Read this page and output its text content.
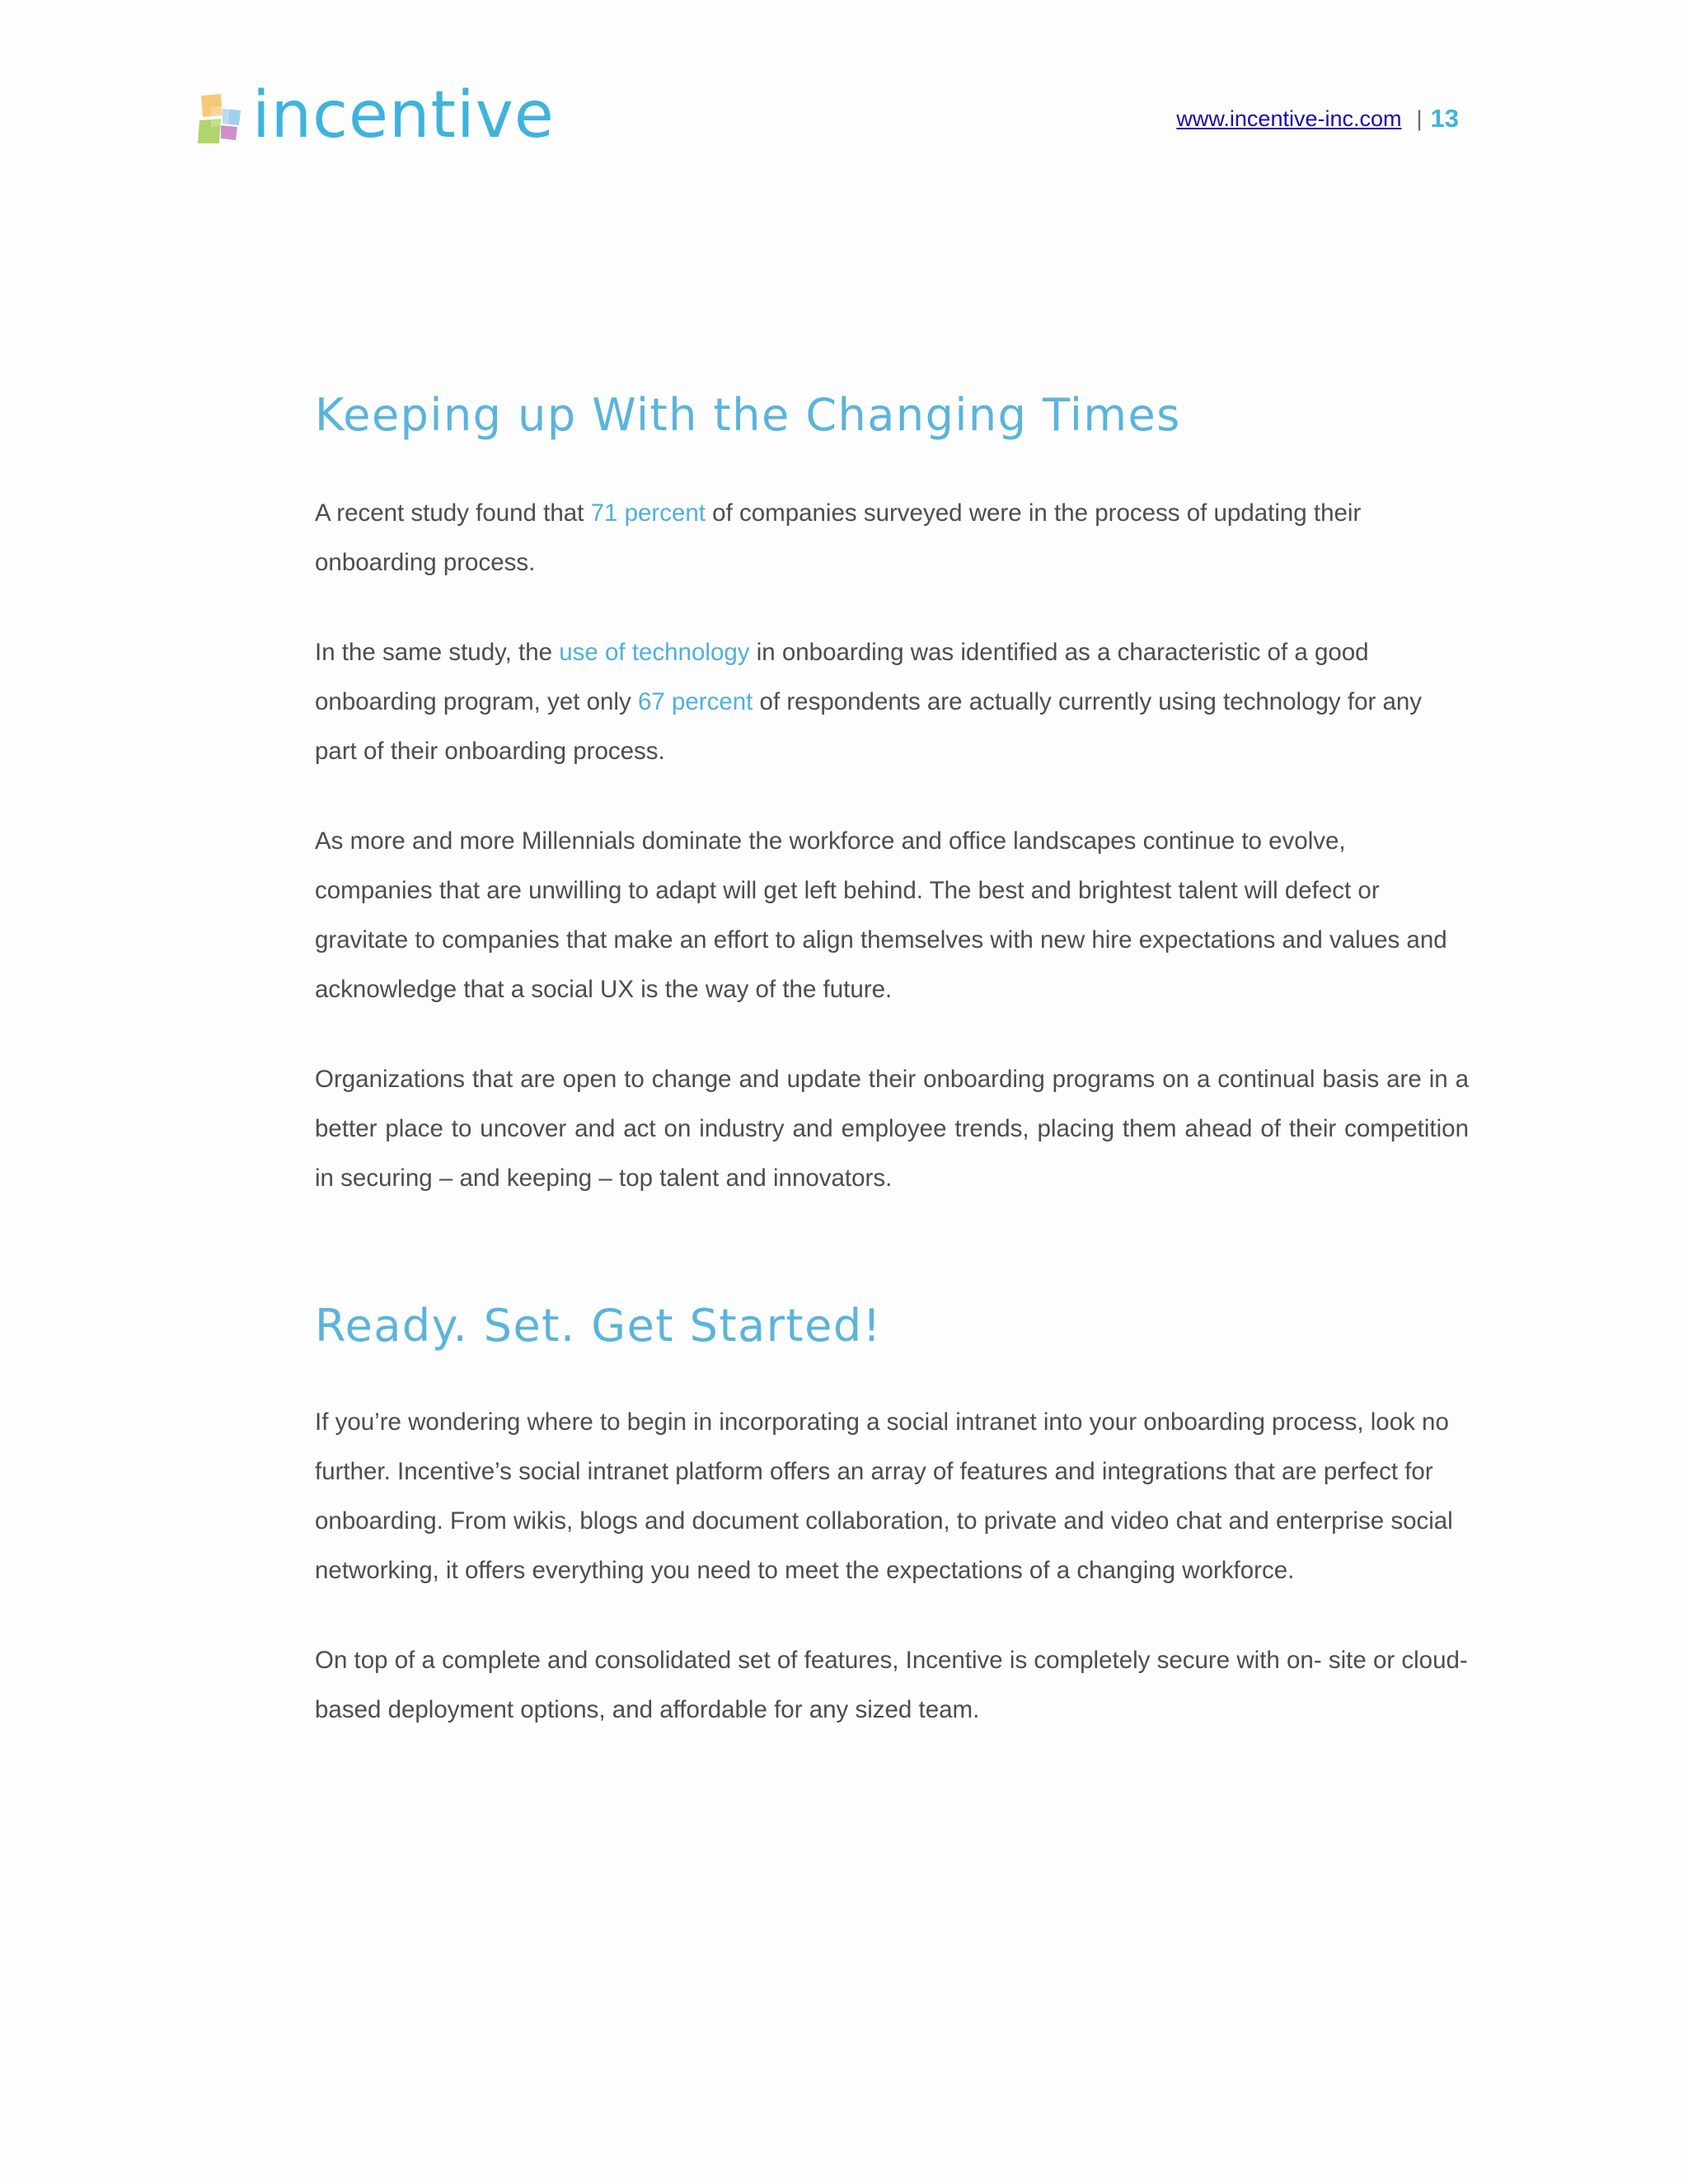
incentive	www.incentive-inc.com | 13
Keeping up With the Changing Times

A recent study found that 71 percent of companies surveyed were in the process of updating their onboarding process.

In the same study, the use of technology in onboarding was identified as a characteristic of a good onboarding program, yet only 67 percent of respondents are actually currently using technology for any part of their onboarding process.

As more and more Millennials dominate the workforce and office landscapes continue to evolve, companies that are unwilling to adapt will get left behind. The best and brightest talent will defect or gravitate to companies that make an effort to align themselves with new hire expectations and values and acknowledge that a social UX is the way of the future.

Organizations that are open to change and update their onboarding programs on a continual basis are in a better place to uncover and act on industry and employee trends, placing them ahead of their competition in securing – and keeping – top talent and innovators.

Ready. Set. Get Started!

If you’re wondering where to begin in incorporating a social intranet into your onboarding process, look no further. Incentive’s social intranet platform offers an array of features and integrations that are perfect for onboarding. From wikis, blogs and document collaboration, to private and video chat and enterprise social networking, it offers everything you need to meet the expectations of a changing workforce.

On top of a complete and consolidated set of features, Incentive is completely secure with on- site or cloud-based deployment options, and affordable for any sized team.
